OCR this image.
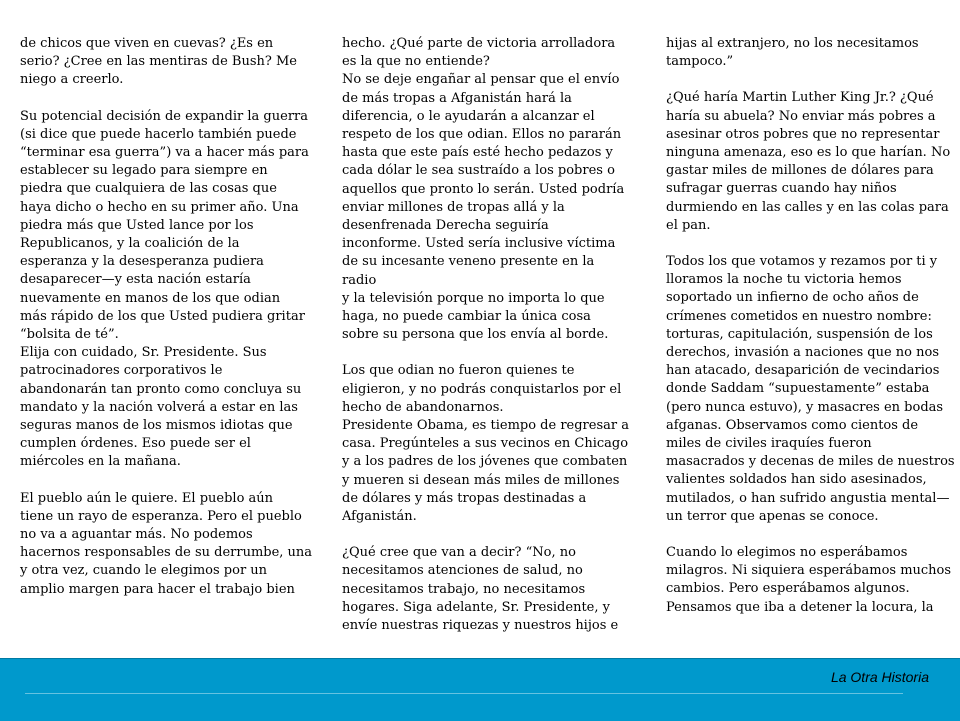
de chicos que viven en cuevas? ¿Es en
serio? ¿Cree en las mentiras de Bush? Me
niego a creerlo.

Su potencial decisión de expandir la guerra
(si dice que puede hacerlo también puede
“terminar esa guerra”) va a hacer más para
establecer su legado para siempre en
piedra que cualquiera de las cosas que
haya dicho o hecho en su primer año. Una
piedra más que Usted lance por los
Republicanos, y la coalición de la
esperanza y la desesperanza pudiera
desaparecer—y esta nación estaría
nuevamente en manos de los que odian
más rápido de los que Usted pudiera gritar
“bolsita de té”.

Elija con cuidado, Sr. Presidente. Sus
patrocinadores corporativos le
abandonarán tan pronto como concluya su
mandato y la nación volverá a estar en las
seguras manos de los mismos idiotas que
cumplen órdenes. Eso puede ser el
miércoles en la mañana.

El pueblo aún le quiere. El pueblo aún
tiene un rayo de esperanza. Pero el pueblo
no va a aguantar más. No podemos
hacernos responsables de su derrumbe, una
y otra vez, cuando le elegimos por un
amplio margen para hacer el trabajo bien

hecho. ¿Qué parte de victoria arrolladora
es la que no entiende?

No se deje engañar al pensar que el envío
de más tropas a Afganistán hará la
diferencia, o le ayudarán a alcanzar el
respeto de los que odian. Ellos no pararán
hasta que este país esté hecho pedazos y
cada dólar le sea sustraído a los pobres o
aquellos que pronto lo serán. Usted podría
enviar millones de tropas allá y la
desenfrenada Derecha seguiría
inconforme. Usted sería inclusive víctima
de su incesante veneno presente en la radio
y la televisión porque no importa lo que
haga, no puede cambiar la única cosa
sobre su persona que los envía al borde.

Los que odian no fueron quienes te
eligieron, y no podrás conquistarlos por el
hecho de abandonarnos.

Presidente Obama, es tiempo de regresar a
casa. Pregúnteles a sus vecinos en Chicago
y a los padres de los jóvenes que combaten
y mueren si desean más miles de millones
de dólares y más tropas destinadas a
Afganistán.

¿Qué cree que van a decir? “No, no
necesitamos atenciones de salud, no
necesitamos trabajo, no necesitamos
hogares. Siga adelante, Sr. Presidente, y
envíe nuestras riquezas y nuestros hijos e

hijas al extranjero, no los necesitamos
tampoco.”

¿Qué haría Martin Luther King Jr.? ¿Qué
haría su abuela? No enviar más pobres a
asesinar otros pobres que no representar
ninguna amenaza, eso es lo que harían. No
gastar miles de millones de dólares para
sufragar guerras cuando hay niños
durmiendo en las calles y en las colas para
el pan.

Todos los que votamos y rezamos por ti y
lloramos la noche tu victoria hemos
soportado un infierno de ocho años de
crímenes cometidos en nuestro nombre:
torturas, capitulación, suspensión de los
derechos, invasión a naciones que no nos
han atacado, desaparición de vecindarios
donde Saddam “supuestamente” estaba
(pero nunca estuvo), y masacres en bodas
afganas. Observamos como cientos de
miles de civiles iraquíes fueron
masacrados y decenas de miles de nuestros
valientes soldados han sido asesinados,
mutilados, o han sufrido angustia mental—
un terror que apenas se conoce.

Cuando lo elegimos no esperábamos
milagros. Ni siquiera esperábamos muchos
cambios. Pero esperábamos algunos.
Pensamos que iba a detener la locura, la

La Otra Historia
